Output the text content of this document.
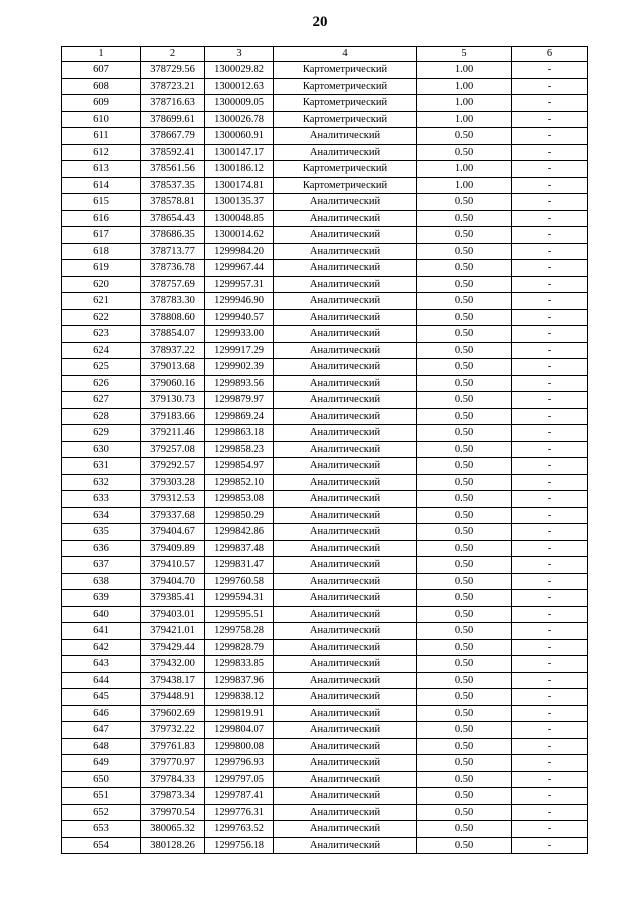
20
1	2	3	4	5	6
607	378729.56	1300029.82	Картометрический	1.00	-
608	378723.21	1300012.63	Картометрический	1.00	-
609	378716.63	1300009.05	Картометрический	1.00	-
610	378699.61	1300026.78	Картометрический	1.00	-
611	378667.79	1300060.91	Аналитический	0.50	-
612	378592.41	1300147.17	Аналитический	0.50	-
613	378561.56	1300186.12	Картометрический	1.00	-
614	378537.35	1300174.81	Картометрический	1.00	-
615	378578.81	1300135.37	Аналитический	0.50	-
616	378654.43	1300048.85	Аналитический	0.50	-
617	378686.35	1300014.62	Аналитический	0.50	-
618	378713.77	1299984.20	Аналитический	0.50	-
619	378736.78	1299967.44	Аналитический	0.50	-
620	378757.69	1299957.31	Аналитический	0.50	-
621	378783.30	1299946.90	Аналитический	0.50	-
622	378808.60	1299940.57	Аналитический	0.50	-
623	378854.07	1299933.00	Аналитический	0.50	-
624	378937.22	1299917.29	Аналитический	0.50	-
625	379013.68	1299902.39	Аналитический	0.50	-
626	379060.16	1299893.56	Аналитический	0.50	-
627	379130.73	1299879.97	Аналитический	0.50	-
628	379183.66	1299869.24	Аналитический	0.50	-
629	379211.46	1299863.18	Аналитический	0.50	-
630	379257.08	1299858.23	Аналитический	0.50	-
631	379292.57	1299854.97	Аналитический	0.50	-
632	379303.28	1299852.10	Аналитический	0.50	-
633	379312.53	1299853.08	Аналитический	0.50	-
634	379337.68	1299850.29	Аналитический	0.50	-
635	379404.67	1299842.86	Аналитический	0.50	-
636	379409.89	1299837.48	Аналитический	0.50	-
637	379410.57	1299831.47	Аналитический	0.50	-
638	379404.70	1299760.58	Аналитический	0.50	-
639	379385.41	1299594.31	Аналитический	0.50	-
640	379403.01	1299595.51	Аналитический	0.50	-
641	379421.01	1299758.28	Аналитический	0.50	-
642	379429.44	1299828.79	Аналитический	0.50	-
643	379432.00	1299833.85	Аналитический	0.50	-
644	379438.17	1299837.96	Аналитический	0.50	-
645	379448.91	1299838.12	Аналитический	0.50	-
646	379602.69	1299819.91	Аналитический	0.50	-
647	379732.22	1299804.07	Аналитический	0.50	-
648	379761.83	1299800.08	Аналитический	0.50	-
649	379770.97	1299796.93	Аналитический	0.50	-
650	379784.33	1299797.05	Аналитический	0.50	-
651	379873.34	1299787.41	Аналитический	0.50	-
652	379970.54	1299776.31	Аналитический	0.50	-
653	380065.32	1299763.52	Аналитический	0.50	-
654	380128.26	1299756.18	Аналитический	0.50	-
